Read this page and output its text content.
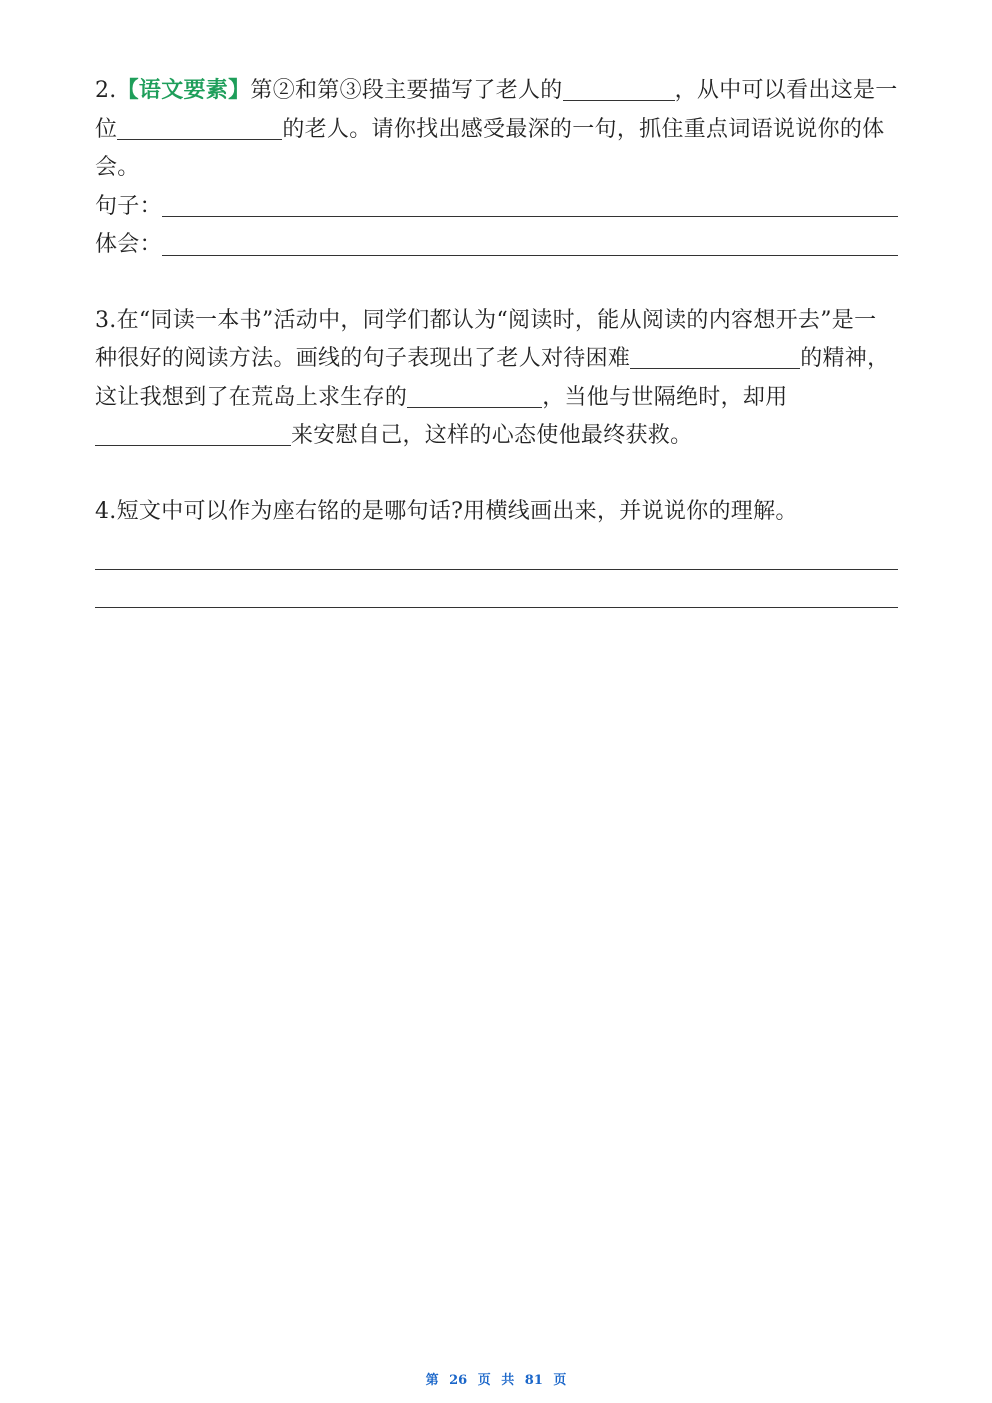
2.【语文要素】第②和第③段主要描写了老人的	，从中可以看出这是一位	的老人。请你找出感受最深的一句，抓住重点词语说说你的体会。
句子：
体会：
3.在“同读一本书”活动中，同学们都认为“阅读时，能从阅读的内容想开去”是一种很好的阅读方法。画线的句子表现出了老人对待困难	的精神，这让我想到了在荒岛上求生存的	，当他与世隔绝时，却用来安慰自己，这样的心态使他最终获救。
4.短文中可以作为座右铭的是哪句话?用横线画出来，并说说你的理解。
第 26 页 共 81 页
